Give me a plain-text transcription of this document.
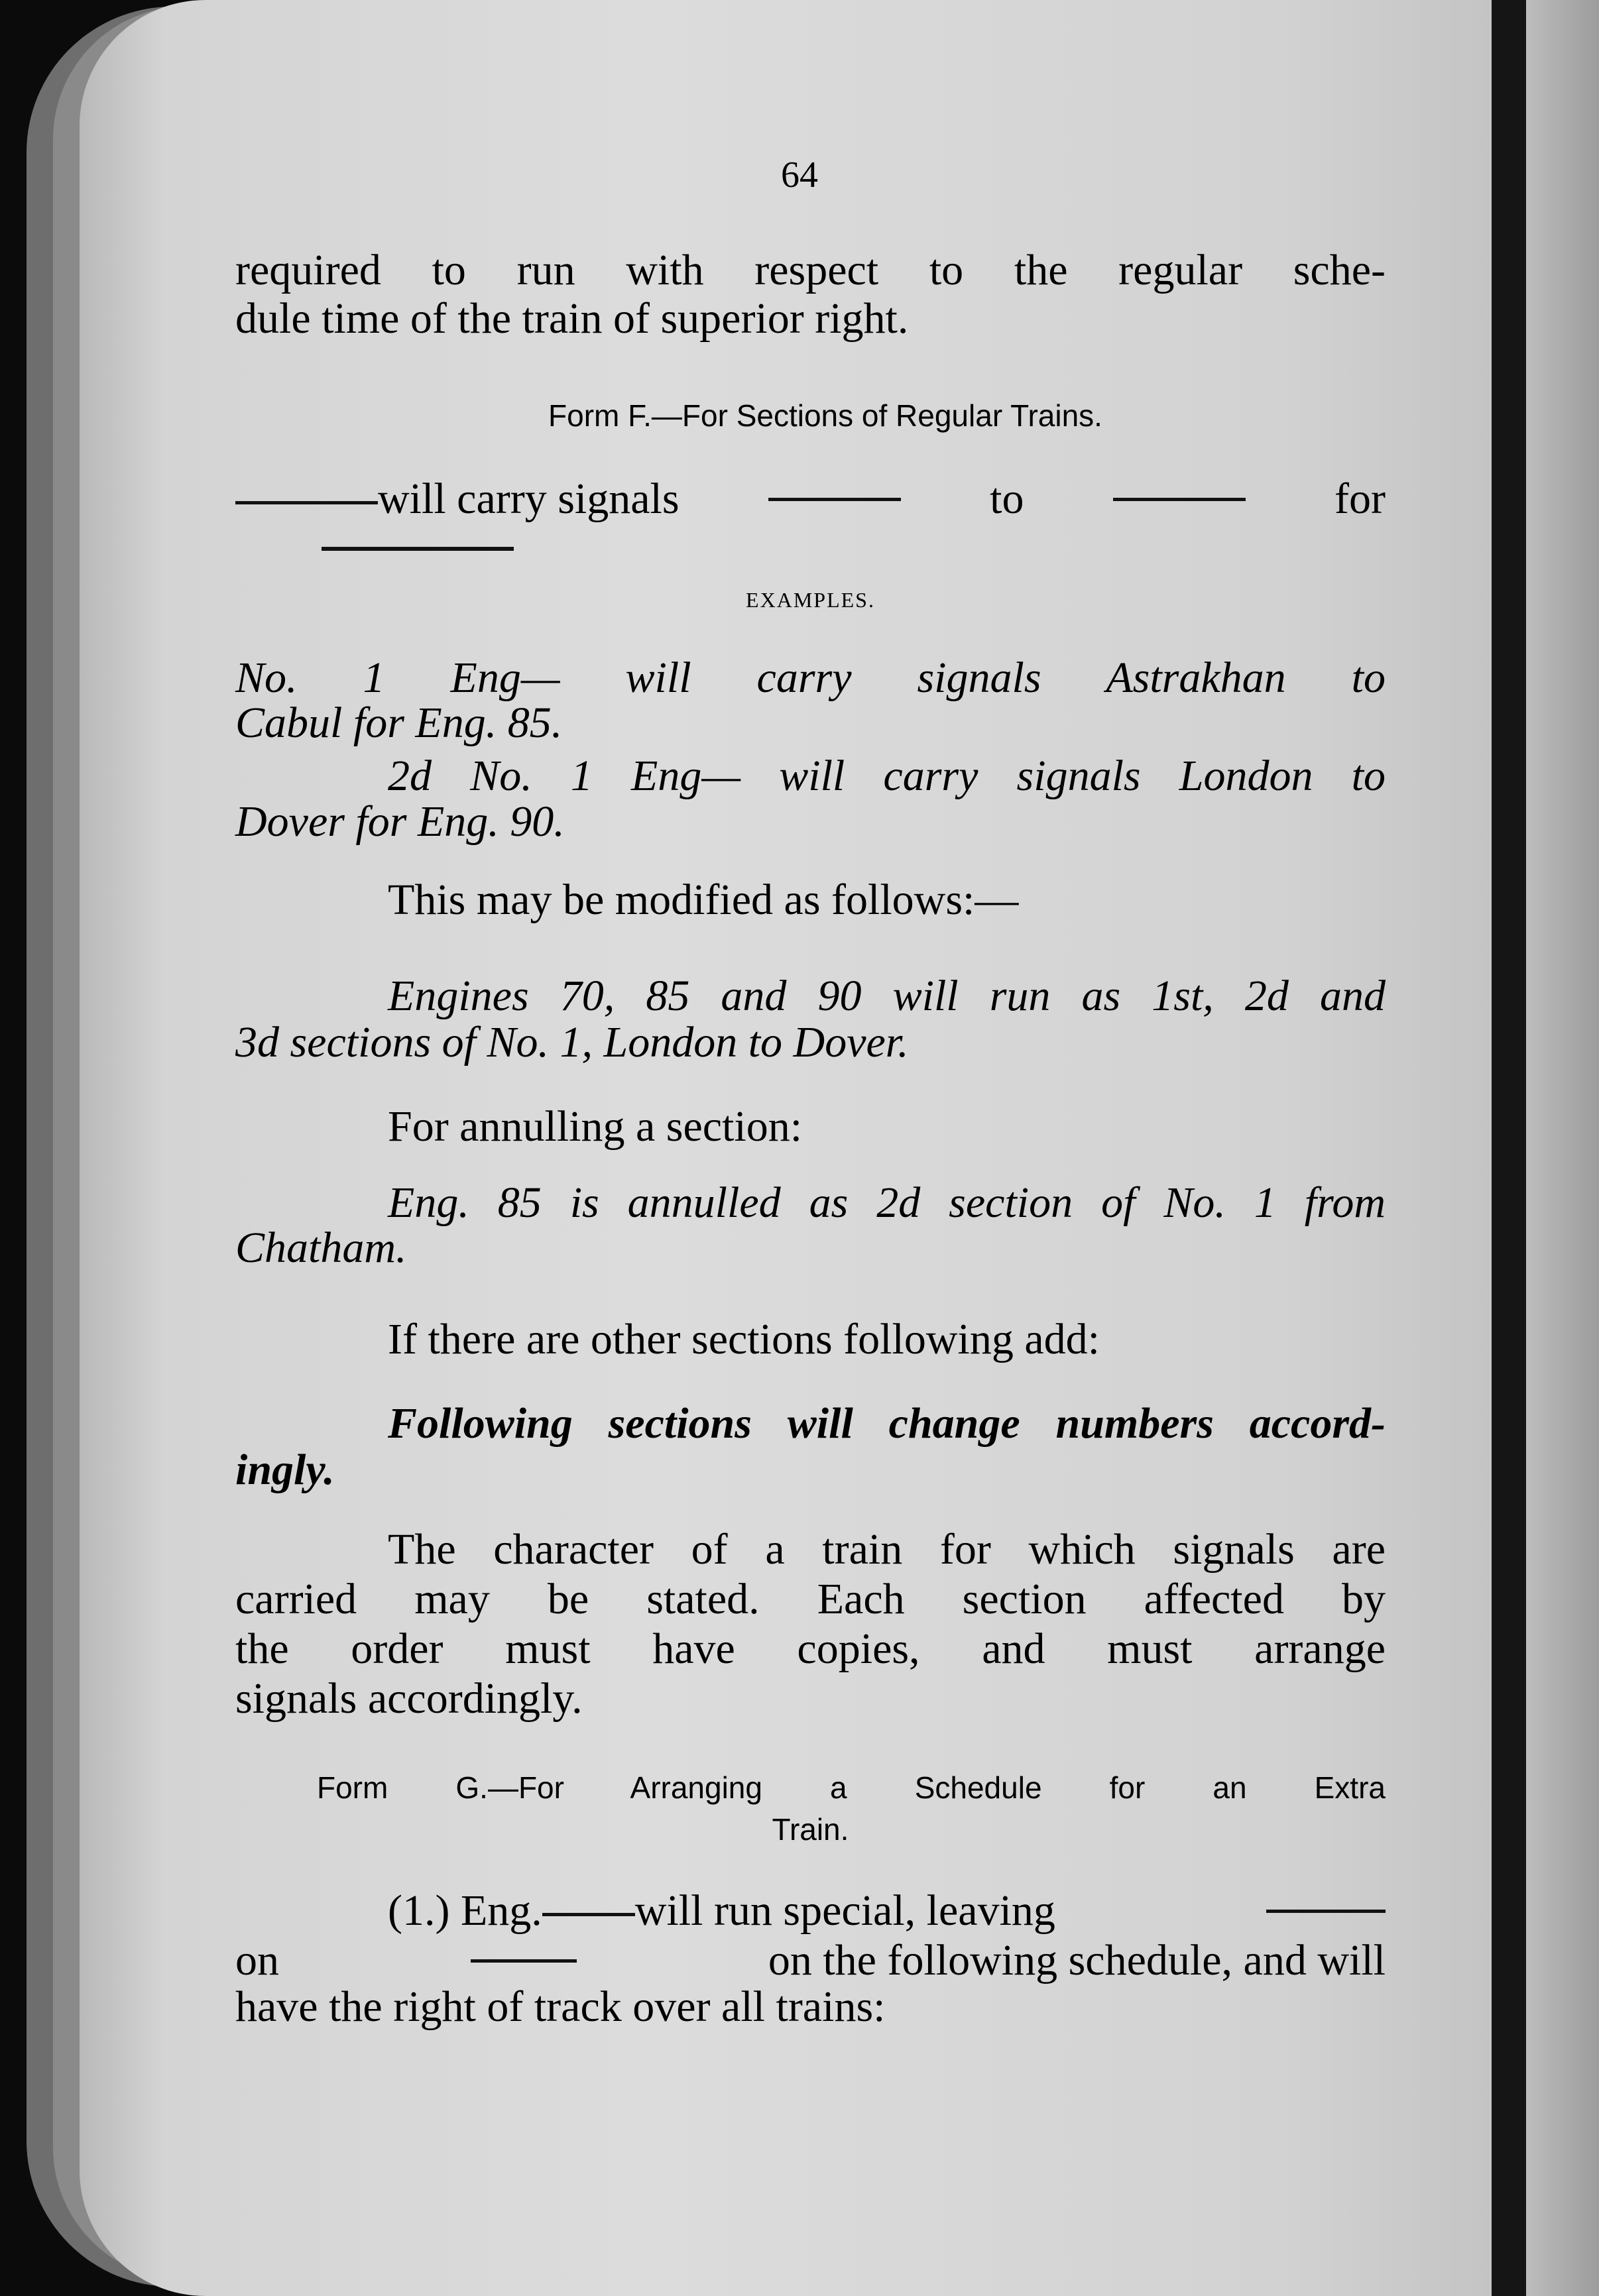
64
required to run with respect to the regular sche-
dule time of the train of superior right.
Form F.—For Sections of Regular Trains.
will carry signals	to	for
EXAMPLES.
No. 1 Eng— will carry signals Astrakhan to
Cabul for Eng. 85.
2d No. 1 Eng— will carry signals London to
Dover for Eng. 90.
This may be modified as follows:—
Engines 70, 85 and 90 will run as 1st, 2d and
3d sections of No. 1, London to Dover.
For annulling a section:
Eng. 85 is annulled as 2d section of No. 1 from
Chatham.
If there are other sections following add:
Following sections will change numbers accord-
ingly.
The character of a train for which signals are
carried may be stated. Each section affected by
the order must have copies, and must arrange
signals accordingly.
Form G.—For Arranging a Schedule for an Extra
Train.
(1.) Eng. will run special, leaving
on	on the following schedule, and will
have the right of track over all trains:
